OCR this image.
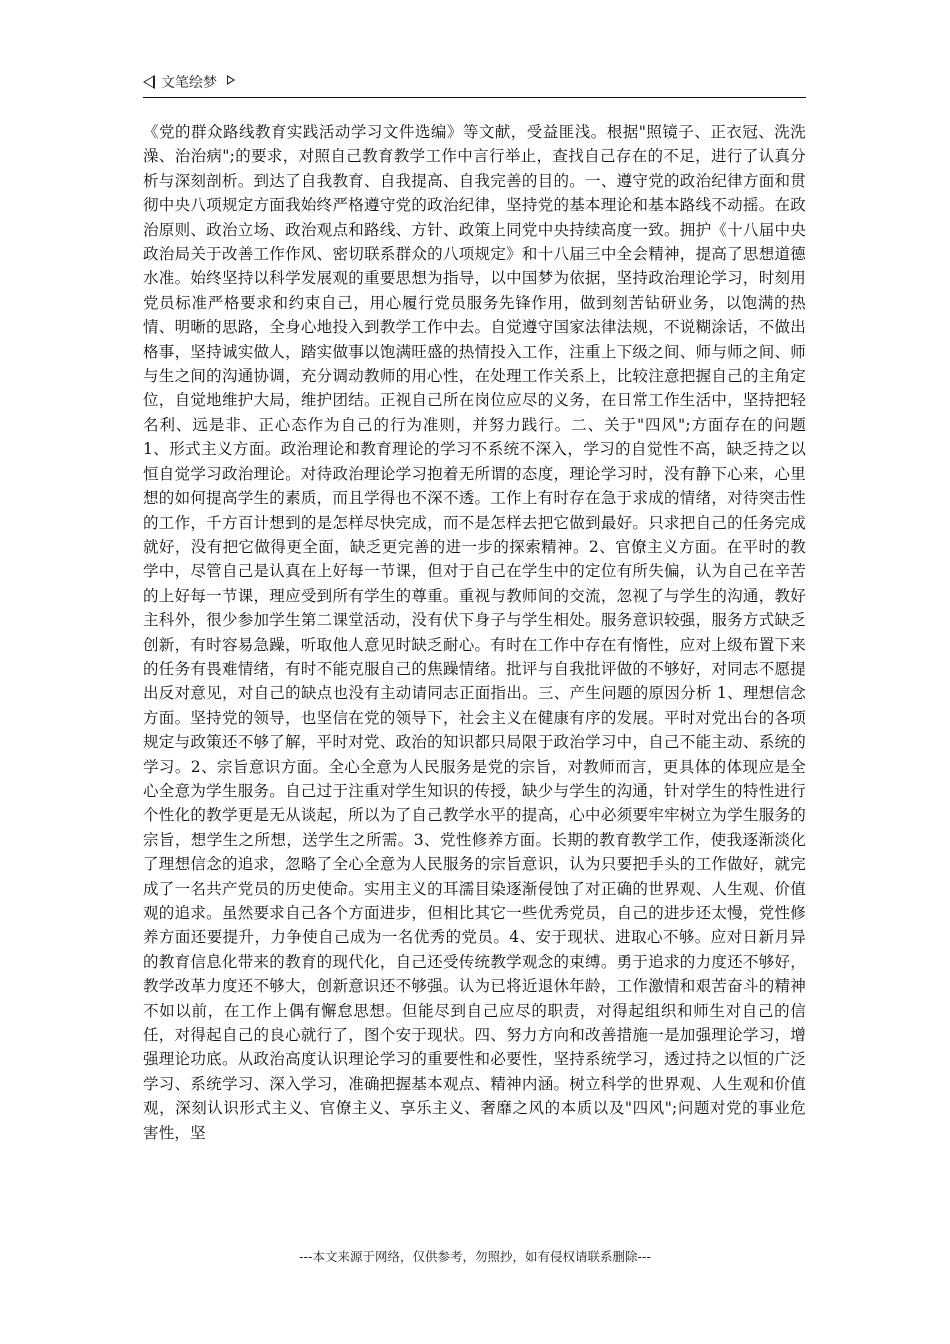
文笔绘梦
《党的群众路线教育实践活动学习文件选编》等文献，受益匪浅。根据"照镜子、正衣冠、洗洗澡、治治病";的要求，对照自己教育教学工作中言行举止，查找自己存在的不足，进行了认真分析与深刻剖析。到达了自我教育、自我提高、自我完善的目的。一、遵守党的政治纪律方面和贯彻中央八项规定方面我始终严格遵守党的政治纪律，坚持党的基本理论和基本路线不动摇。在政治原则、政治立场、政治观点和路线、方针、政策上同党中央持续高度一致。拥护《十八届中央政治局关于改善工作作风、密切联系群众的八项规定》和十八届三中全会精神，提高了思想道德水准。始终坚持以科学发展观的重要思想为指导，以中国梦为依据，坚持政治理论学习，时刻用党员标准严格要求和约束自己，用心履行党员服务先锋作用，做到刻苦钻研业务，以饱满的热情、明晰的思路，全身心地投入到教学工作中去。自觉遵守国家法律法规，不说糊涂话，不做出格事，坚持诚实做人，踏实做事以饱满旺盛的热情投入工作，注重上下级之间、师与师之间、师与生之间的沟通协调，充分调动教师的用心性，在处理工作关系上，比较注意把握自己的主角定位，自觉地维护大局，维护团结。正视自己所在岗位应尽的义务，在日常工作生活中，坚持把轻名利、远是非、正心态作为自己的行为准则，并努力践行。二、关于"四风";方面存在的问题 1、形式主义方面。政治理论和教育理论的学习不系统不深入，学习的自觉性不高，缺乏持之以恒自觉学习政治理论。对待政治理论学习抱着无所谓的态度，理论学习时，没有静下心来，心里想的如何提高学生的素质，而且学得也不深不透。工作上有时存在急于求成的情绪，对待突击性的工作，千方百计想到的是怎样尽快完成，而不是怎样去把它做到最好。只求把自己的任务完成就好，没有把它做得更全面，缺乏更完善的进一步的探索精神。2、官僚主义方面。在平时的教学中，尽管自己是认真在上好每一节课，但对于自己在学生中的定位有所失偏，认为自己在辛苦的上好每一节课，理应受到所有学生的尊重。重视与教师间的交流，忽视了与学生的沟通，教好主科外，很少参加学生第二课堂活动，没有伏下身子与学生相处。服务意识较强，服务方式缺乏创新，有时容易急躁，听取他人意见时缺乏耐心。有时在工作中存在有惰性，应对上级布置下来的任务有畏难情绪，有时不能克服自己的焦躁情绪。批评与自我批评做的不够好，对同志不愿提出反对意见，对自己的缺点也没有主动请同志正面指出。三、产生问题的原因分析 1、理想信念方面。坚持党的领导，也坚信在党的领导下，社会主义在健康有序的发展。平时对党出台的各项规定与政策还不够了解，平时对党、政治的知识都只局限于政治学习中，自己不能主动、系统的学习。2、宗旨意识方面。全心全意为人民服务是党的宗旨，对教师而言，更具体的体现应是全心全意为学生服务。自己过于注重对学生知识的传授，缺少与学生的沟通，针对学生的特性进行个性化的教学更是无从谈起，所以为了自己教学水平的提高，心中必须要牢牢树立为学生服务的宗旨，想学生之所想，送学生之所需。3、党性修养方面。长期的教育教学工作，使我逐渐淡化了理想信念的追求，忽略了全心全意为人民服务的宗旨意识，认为只要把手头的工作做好，就完成了一名共产党员的历史使命。实用主义的耳濡目染逐渐侵蚀了对正确的世界观、人生观、价值观的追求。虽然要求自己各个方面进步，但相比其它一些优秀党员，自己的进步还太慢，党性修养方面还要提升，力争使自己成为一名优秀的党员。4、安于现状、进取心不够。应对日新月异的教育信息化带来的教育的现代化，自己还受传统教学观念的束缚。勇于追求的力度还不够好，教学改革力度还不够大，创新意识还不够强。认为已将近退休年龄，工作激情和艰苦奋斗的精神不如以前，在工作上偶有懈怠思想。但能尽到自己应尽的职责，对得起组织和师生对自己的信任，对得起自己的良心就行了，图个安于现状。四、努力方向和改善措施一是加强理论学习，增强理论功底。从政治高度认识理论学习的重要性和必要性，坚持系统学习，透过持之以恒的广泛学习、系统学习、深入学习，准确把握基本观点、精神内涵。树立科学的世界观、人生观和价值观，深刻认识形式主义、官僚主义、享乐主义、奢靡之风的本质以及"四风";问题对党的事业危害性，坚
---本文来源于网络，仅供参考，勿照抄，如有侵权请联系删除---
